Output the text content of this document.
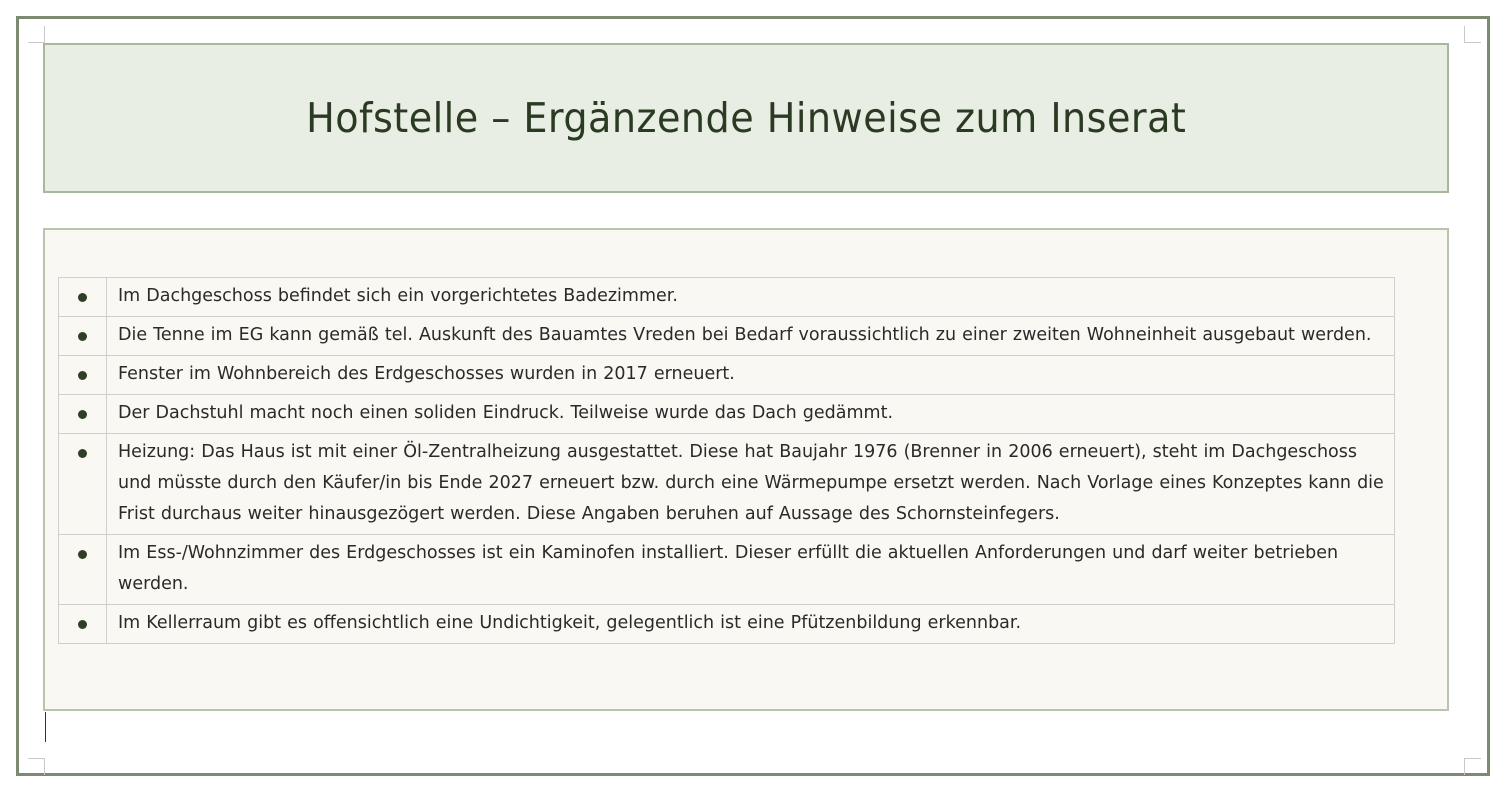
Hofstelle – Ergänzende Hinweise zum Inserat
	Im Dachgeschoss befindet sich ein vorgerichtetes Badezimmer.
	Die Tenne im EG kann gemäß tel. Auskunft des Bauamtes Vreden bei Bedarf voraussichtlich zu einer zweiten Wohneinheit ausgebaut werden.
	Fenster im Wohnbereich des Erdgeschosses wurden in 2017 erneuert.
	Der Dachstuhl macht noch einen soliden Eindruck. Teilweise wurde das Dach gedämmt.
	Heizung: Das Haus ist mit einer Öl-Zentralheizung ausgestattet. Diese hat Baujahr 1976 (Brenner in 2006 erneuert), steht im Dachgeschoss und müsste durch den Käufer/in bis Ende 2027 erneuert bzw. durch eine Wärmepumpe ersetzt werden. Nach Vorlage eines Konzeptes kann die Frist durchaus weiter hinausgezögert werden. Diese Angaben beruhen auf Aussage des Schornsteinfegers.
	Im Ess-/Wohnzimmer des Erdgeschosses ist ein Kaminofen installiert. Dieser erfüllt die aktuellen Anforderungen und darf weiter betrieben werden.
	Im Kellerraum gibt es offensichtlich eine Undichtigkeit, gelegentlich ist eine Pfützenbildung erkennbar.
